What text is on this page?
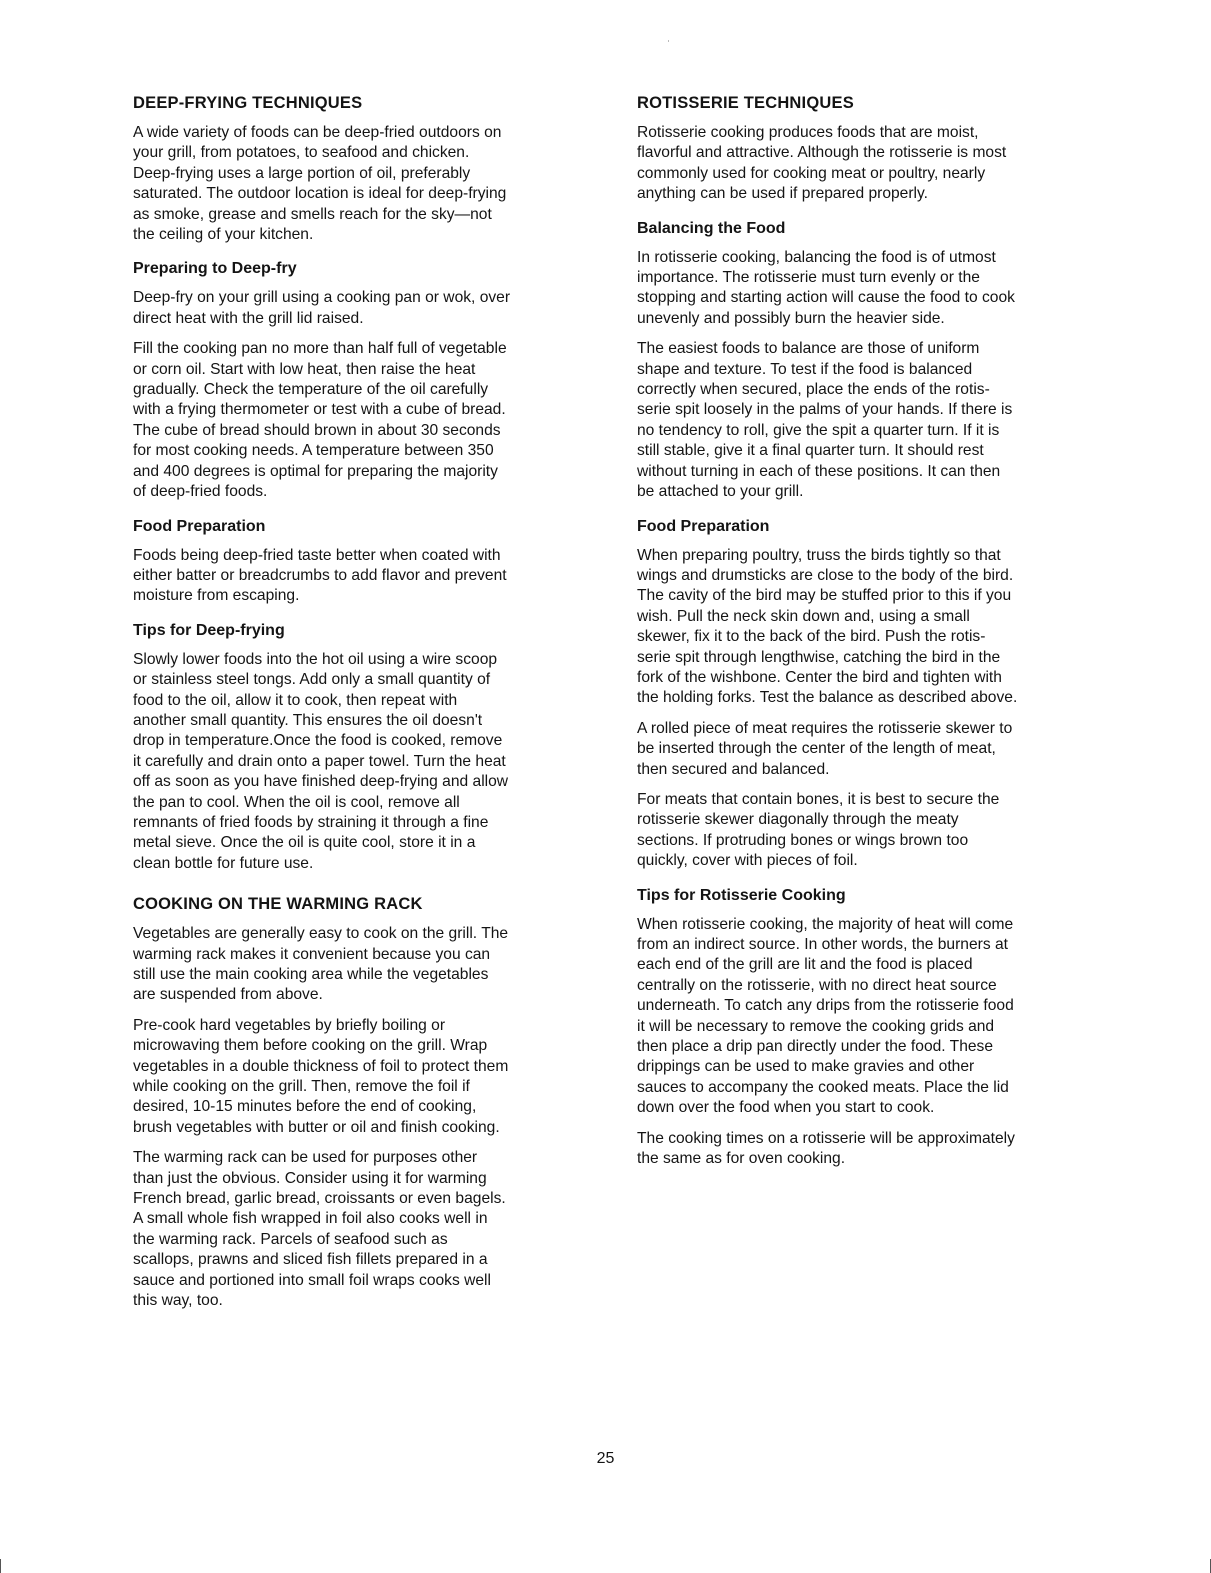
DEEP-FRYING TECHNIQUES
A wide variety of foods can be deep-fried outdoors on
your grill, from potatoes, to seafood and chicken.
Deep-frying uses a large portion of oil, preferably
saturated. The outdoor location is ideal for deep-frying
as smoke, grease and smells reach for the sky—not
the ceiling of your kitchen.
Preparing to Deep-fry
Deep-fry on your grill using a cooking pan or wok, over
direct heat with the grill lid raised.
Fill the cooking pan no more than half full of vegetable
or corn oil. Start with low heat, then raise the heat
gradually. Check the temperature of the oil carefully
with a frying thermometer or test with a cube of bread.
The cube of bread should brown in about 30 seconds
for most cooking needs. A temperature between 350
and 400 degrees is optimal for preparing the majority
of deep-fried foods.
Food Preparation
Foods being deep-fried taste better when coated with
either batter or breadcrumbs to add flavor and prevent
moisture from escaping.
Tips for Deep-frying
Slowly lower foods into the hot oil using a wire scoop
or stainless steel tongs. Add only a small quantity of
food to the oil, allow it to cook, then repeat with
another small quantity. This ensures the oil doesn't
drop in temperature.Once the food is cooked, remove
it carefully and drain onto a paper towel. Turn the heat
off as soon as you have finished deep-frying and allow
the pan to cool. When the oil is cool, remove all
remnants of fried foods by straining it through a fine
metal sieve. Once the oil is quite cool, store it in a
clean bottle for future use.
COOKING ON THE WARMING RACK
Vegetables are generally easy to cook on the grill. The
warming rack makes it convenient because you can
still use the main cooking area while the vegetables
are suspended from above.
Pre-cook hard vegetables by briefly boiling or
microwaving them before cooking on the grill. Wrap
vegetables in a double thickness of foil to protect them
while cooking on the grill. Then, remove the foil if
desired, 10-15 minutes before the end of cooking,
brush vegetables with butter or oil and finish cooking.
The warming rack can be used for purposes other
than just the obvious. Consider using it for warming
French bread, garlic bread, croissants or even bagels.
A small whole fish wrapped in foil also cooks well in
the warming rack. Parcels of seafood such as
scallops, prawns and sliced fish fillets prepared in a
sauce and portioned into small foil wraps cooks well
this way, too.
ROTISSERIE TECHNIQUES
Rotisserie cooking produces foods that are moist,
flavorful and attractive. Although the rotisserie is most
commonly used for cooking meat or poultry, nearly
anything can be used if prepared properly.
Balancing the Food
In rotisserie cooking, balancing the food is of utmost
importance. The rotisserie must turn evenly or the
stopping and starting action will cause the food to cook
unevenly and possibly burn the heavier side.
The easiest foods to balance are those of uniform
shape and texture. To test if the food is balanced
correctly when secured, place the ends of the rotis-
serie spit loosely in the palms of your hands. If there is
no tendency to roll, give the spit a quarter turn. If it is
still stable, give it a final quarter turn. It should rest
without turning in each of these positions. It can then
be attached to your grill.
Food Preparation
When preparing poultry, truss the birds tightly so that
wings and drumsticks are close to the body of the bird.
The cavity of the bird may be stuffed prior to this if you
wish. Pull the neck skin down and, using a small
skewer, fix it to the back of the bird. Push the rotis-
serie spit through lengthwise, catching the bird in the
fork of the wishbone. Center the bird and tighten with
the holding forks. Test the balance as described above.
A rolled piece of meat requires the rotisserie skewer to
be inserted through the center of the length of meat,
then secured and balanced.
For meats that contain bones, it is best to secure the
rotisserie skewer diagonally through the meaty
sections. If protruding bones or wings brown too
quickly, cover with pieces of foil.
Tips for Rotisserie Cooking
When rotisserie cooking, the majority of heat will come
from an indirect source. In other words, the burners at
each end of the grill are lit and the food is placed
centrally on the rotisserie, with no direct heat source
underneath. To catch any drips from the rotisserie food
it will be necessary to remove the cooking grids and
then place a drip pan directly under the food. These
drippings can be used to make gravies and other
sauces to accompany the cooked meats. Place the lid
down over the food when you start to cook.
The cooking times on a rotisserie will be approximately
the same as for oven cooking.
25
